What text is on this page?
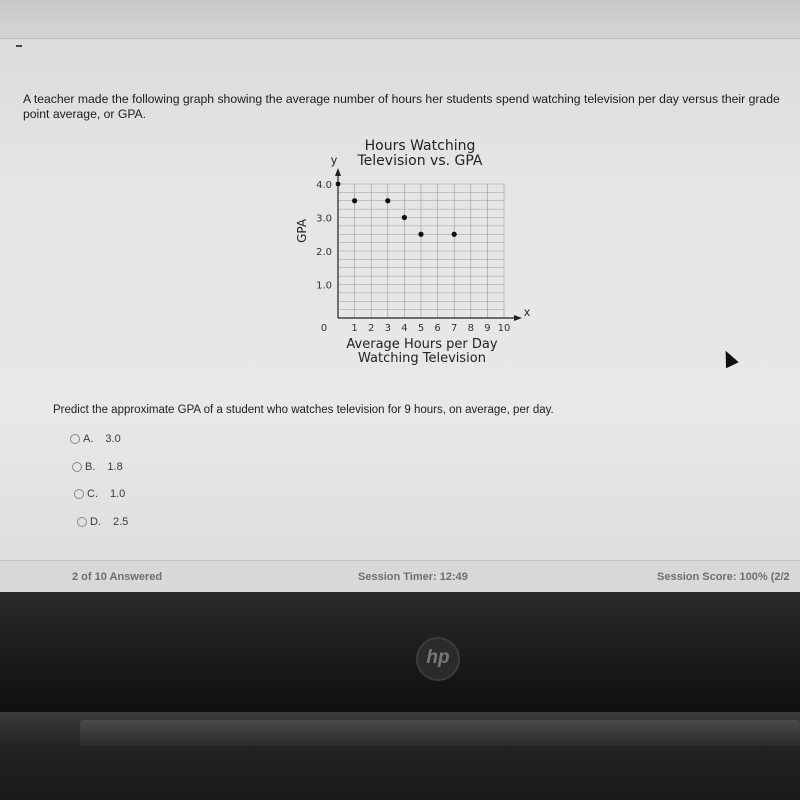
A teacher made the following graph showing the average number of hours her students spend watching television per day versus their grade point average, or GPA.

x
y
Hours Watching
Television vs. GPA
1 2 3 4 5 6 7 8 9 10
0
1.0
2.0
3.0
4.0
GPA
Average Hours per Day
Watching Television
Predict the approximate GPA of a student who watches television for 9 hours, on average, per day.
A. 3.0
B. 1.8
C. 1.0
D. 2.5
2 of 10 Answered	Session Timer: 12:49	Session Score: 100% (2/2
hp
